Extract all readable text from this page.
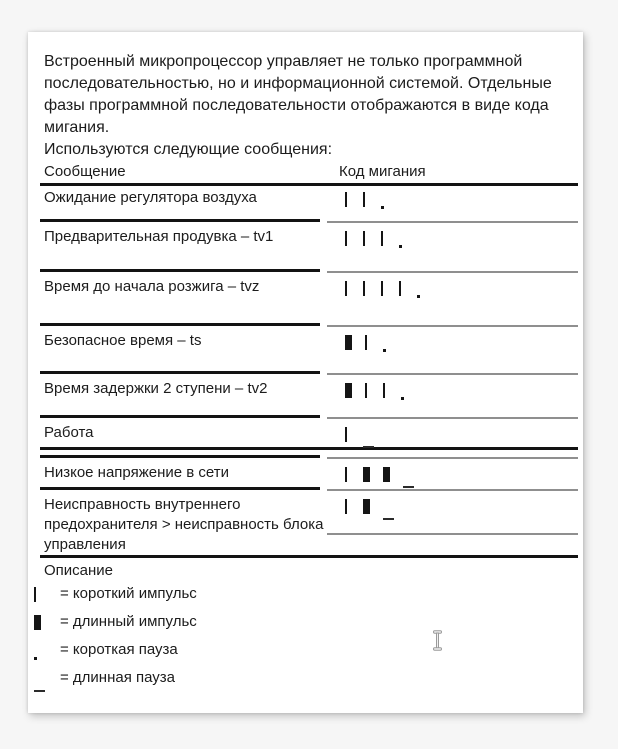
Встроенный микропроцессор управляет не только программной последовательностью, но и информационной системой. Отдельные фазы программной последовательности отображаются в виде кода мигания.

Используются следующие сообщения:

Сообщение	Код мигания
Ожидание регулятора воздуха
Предварительная продувка – tv1
Время до начала розжига – tvz
Безопасное время – ts
Время задержки 2 ступени – tv2
Работа
Низкое напряжение в сети
Неисправность внутреннего предохранителя > неисправность блока управления
Описание
= короткий импульс
= длинный импульс
= короткая пауза
= длинная пауза
